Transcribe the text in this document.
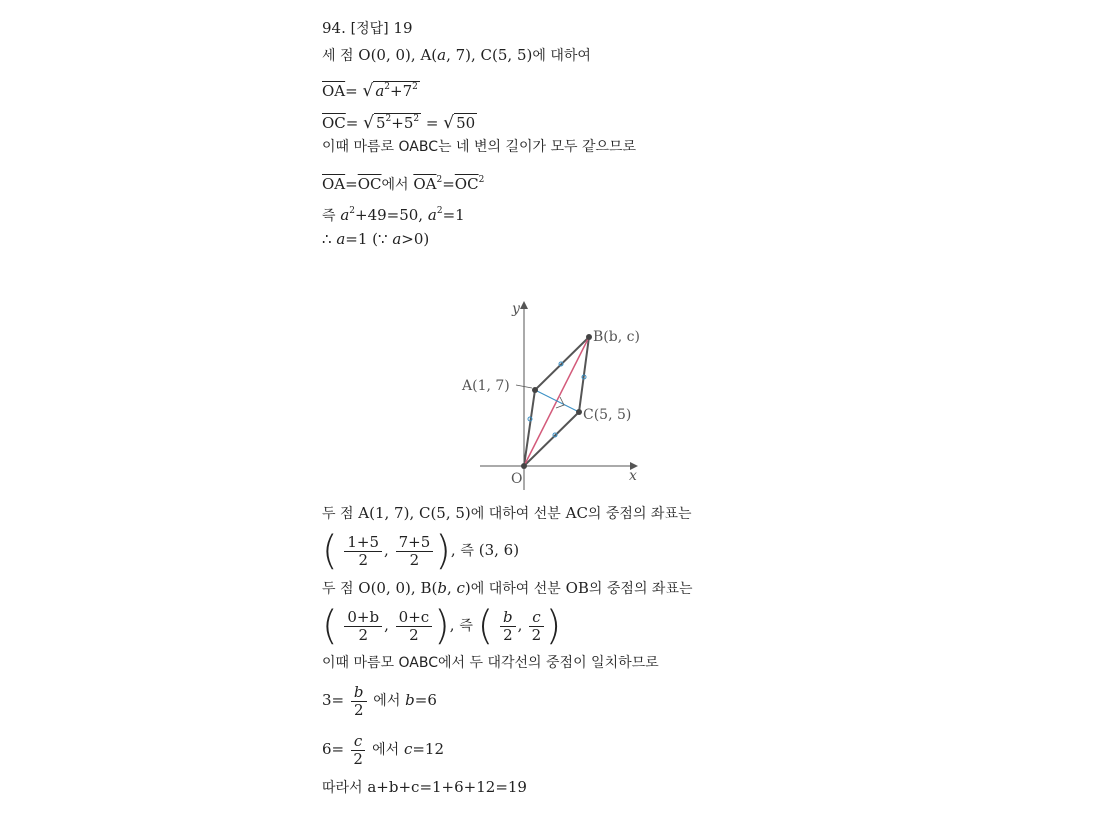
94. [정답] 19
세 점 O(0, 0), A(a, 7), C(5, 5)에 대하여
$\overline{OA}=$ √ $a^2+7^2$
$\overline{OC}=$ √ $5^2+5^2$ = √ 50
이때 마름로 OABC는 네 변의 길이가 모두 같으므로
$\overline{OA}=\overline{OC}$에서 $\overline{OA}^2=\overline{OC}^2$
즉 $a^2+49=50$, $a^2=1$
∴ a=1 (∵ a>0)
y
x
O
A(1, 7)
B(b, c)
C(5, 5)
두 점 A(1, 7), C(5, 5)에 대하여 선분 AC의 중점의 좌표는
( $\frac{1+5}{2}$ , $\frac{7+5}{2}$ ), 즉 (3, 6)
두 점 O(0, 0), B(b, c)에 대하여 선분 OB의 중점의 좌표는
( $\frac{0+b}{2}$ , $\frac{0+c}{2}$ ), 즉 ( $\frac{b}{2}$ , $\frac{c}{2}$ )
이때 마름모 OABC에서 두 대각선의 중점이 일치하므로
$3= \frac{b}{2}$ 에서 b=6
$6= \frac{c}{2}$ 에서 c=12
따라서 a+b+c=1+6+12=19
